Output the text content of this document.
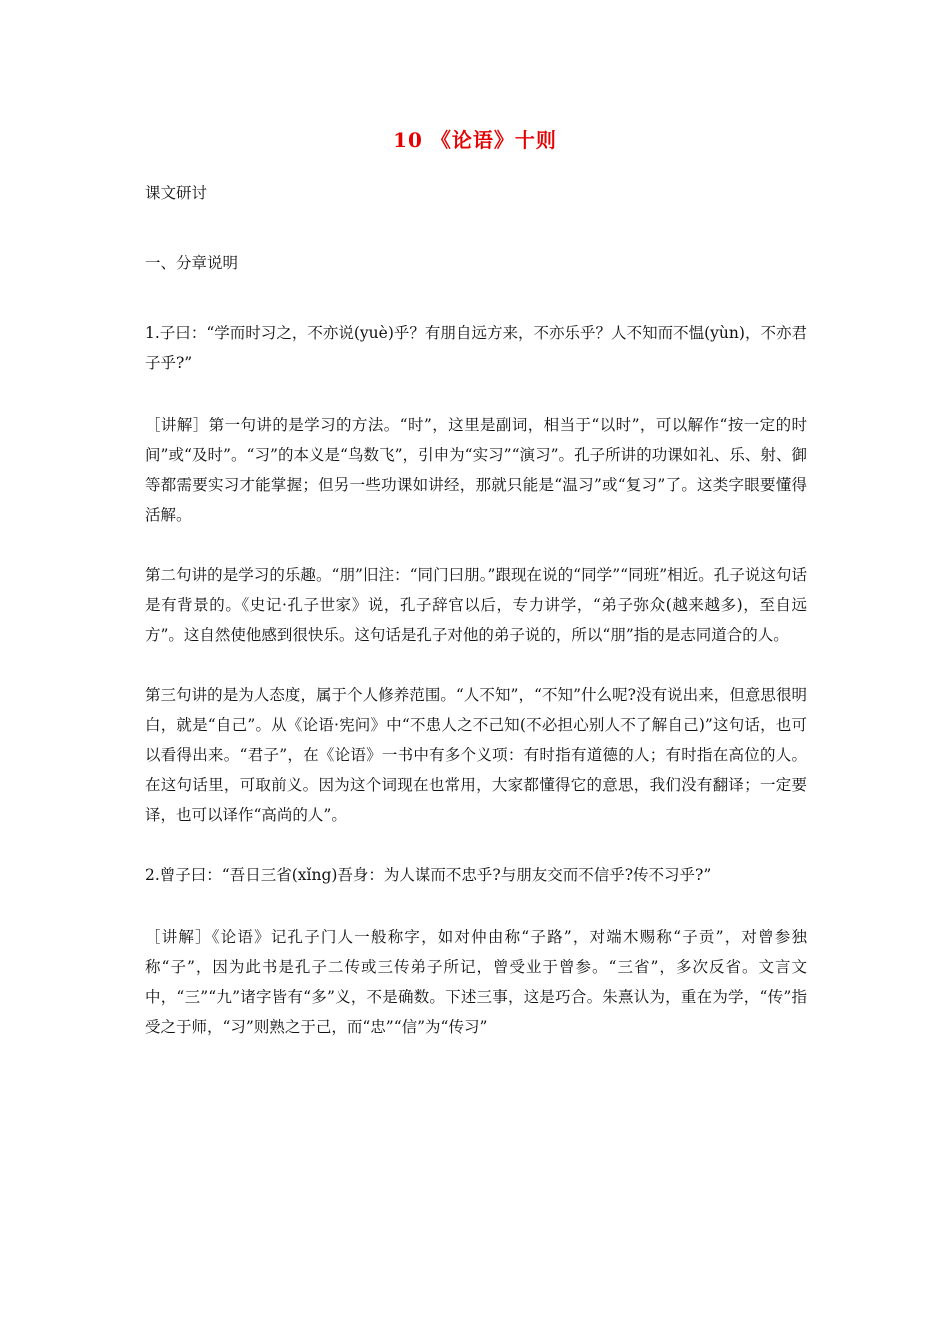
10 《论语》十则

课文研讨

一、分章说明

1.子曰：“学而时习之，不亦说(yuè)乎？有朋自远方来，不亦乐乎？人不知而不愠(yùn)，不亦君子乎?”

［讲解］第一句讲的是学习的方法。“时”，这里是副词，相当于“以时”，可以解作“按一定的时间”或“及时”。“习”的本义是“鸟数飞”，引申为“实习”“演习”。孔子所讲的功课如礼、乐、射、御等都需要实习才能掌握；但另一些功课如讲经，那就只能是“温习”或“复习”了。这类字眼要懂得活解。

第二句讲的是学习的乐趣。“朋”旧注：“同门曰朋。”跟现在说的“同学”“同班”相近。孔子说这句话是有背景的。《史记·孔子世家》说，孔子辞官以后，专力讲学，“弟子弥众(越来越多)，至自远方”。这自然使他感到很快乐。这句话是孔子对他的弟子说的，所以“朋”指的是志同道合的人。

第三句讲的是为人态度，属于个人修养范围。“人不知”，“不知”什么呢?没有说出来，但意思很明白，就是“自己”。从《论语·宪问》中“不患人之不己知(不必担心别人不了解自己)”这句话，也可以看得出来。“君子”，在《论语》一书中有多个义项：有时指有道德的人；有时指在高位的人。在这句话里，可取前义。因为这个词现在也常用，大家都懂得它的意思，我们没有翻译；一定要译，也可以译作“高尚的人”。

2.曾子曰：“吾日三省(xǐng)吾身：为人谋而不忠乎?与朋友交而不信乎?传不习乎?”

［讲解］《论语》记孔子门人一般称字，如对仲由称“子路”，对端木赐称“子贡”，对曾参独称“子”，因为此书是孔子二传或三传弟子所记，曾受业于曾参。“三省”，多次反省。文言文中，“三”“九”诸字皆有“多”义，不是确数。下述三事，这是巧合。朱熹认为，重在为学，“传”指受之于师，“习”则熟之于己，而“忠”“信”为“传习”
